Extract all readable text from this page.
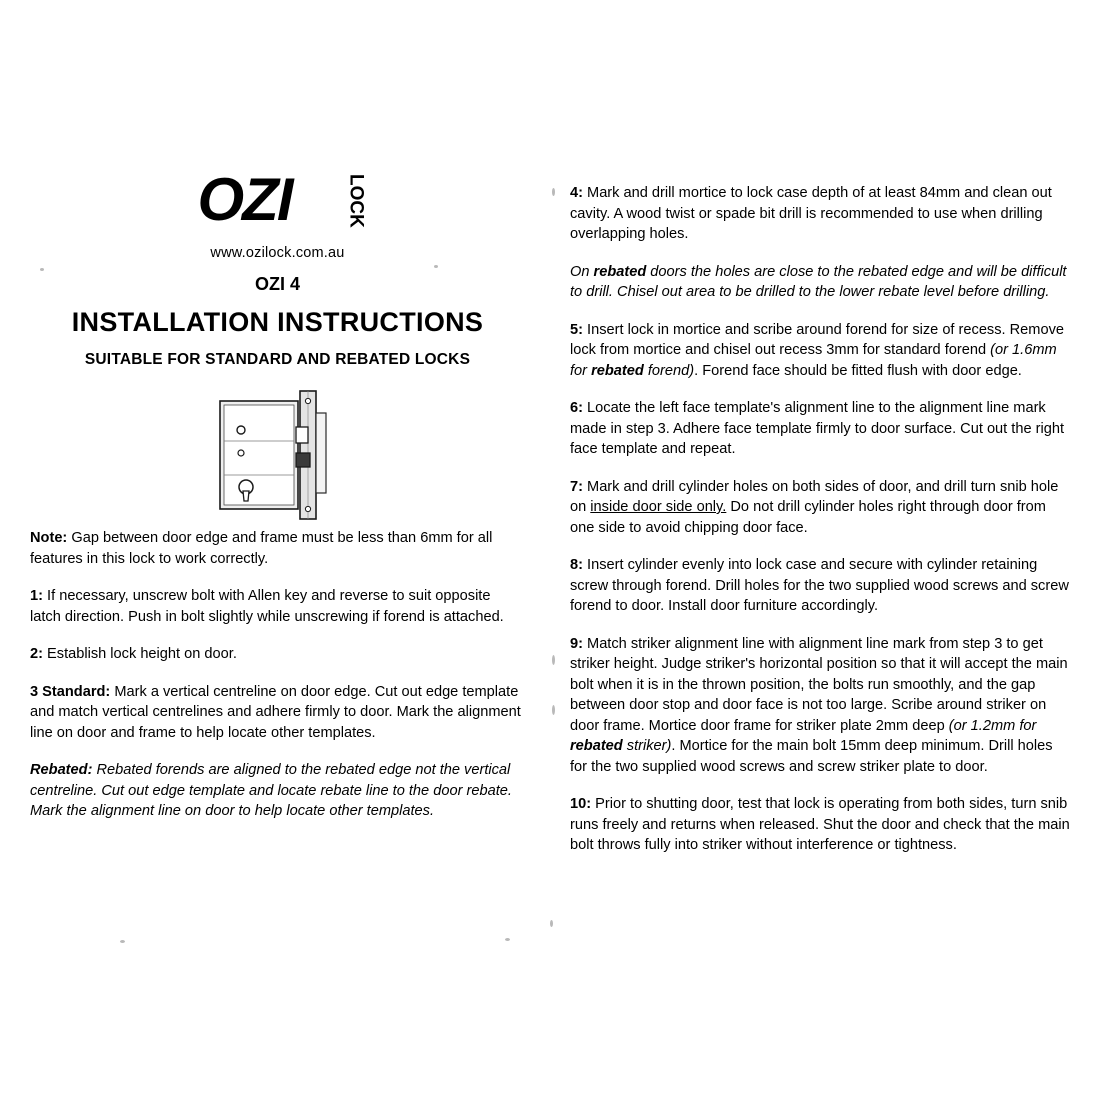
OZI	LOCK
www.ozilock.com.au
OZI 4
INSTALLATION INSTRUCTIONS
SUITABLE FOR STANDARD AND REBATED LOCKS

Note: Gap between door edge and frame must be less than 6mm for all features in this lock to work correctly.

1: If necessary, unscrew bolt with Allen key and reverse to suit opposite latch direction. Push in bolt slightly while unscrewing if forend is attached.

2: Establish lock height on door.

3 Standard: Mark a vertical centreline on door edge. Cut out edge template and match vertical centrelines and adhere firmly to door. Mark the alignment line on door and frame to help locate other templates.

Rebated: Rebated forends are aligned to the rebated edge not the vertical centreline. Cut out edge template and locate rebate line to the door rebate. Mark the alignment line on door to help locate other templates.

4: Mark and drill mortice to lock case depth of at least 84mm and clean out cavity. A wood twist or spade bit drill is recommended to use when drilling overlapping holes.

On rebated doors the holes are close to the rebated edge and will be difficult to drill. Chisel out area to be drilled to the lower rebate level before drilling.

5: Insert lock in mortice and scribe around forend for size of recess. Remove lock from mortice and chisel out recess 3mm for standard forend (or 1.6mm for rebated forend). Forend face should be fitted flush with door edge.

6: Locate the left face template's alignment line to the alignment line mark made in step 3. Adhere face template firmly to door surface. Cut out the right face template and repeat.

7: Mark and drill cylinder holes on both sides of door, and drill turn snib hole on inside door side only. Do not drill cylinder holes right through door from one side to avoid chipping door face.

8: Insert cylinder evenly into lock case and secure with cylinder retaining screw through forend. Drill holes for the two supplied wood screws and screw forend to door. Install door furniture accordingly.

9: Match striker alignment line with alignment line mark from step 3 to get striker height. Judge striker's horizontal position so that it will accept the main bolt when it is in the thrown position, the bolts run smoothly, and the gap between door stop and door face is not too large. Scribe around striker on door frame. Mortice door frame for striker plate 2mm deep (or 1.2mm for rebated striker). Mortice for the main bolt 15mm deep minimum. Drill holes for the two supplied wood screws and screw striker plate to door.

10: Prior to shutting door, test that lock is operating from both sides, turn snib runs freely and returns when released. Shut the door and check that the main bolt throws fully into striker without interference or tightness.
